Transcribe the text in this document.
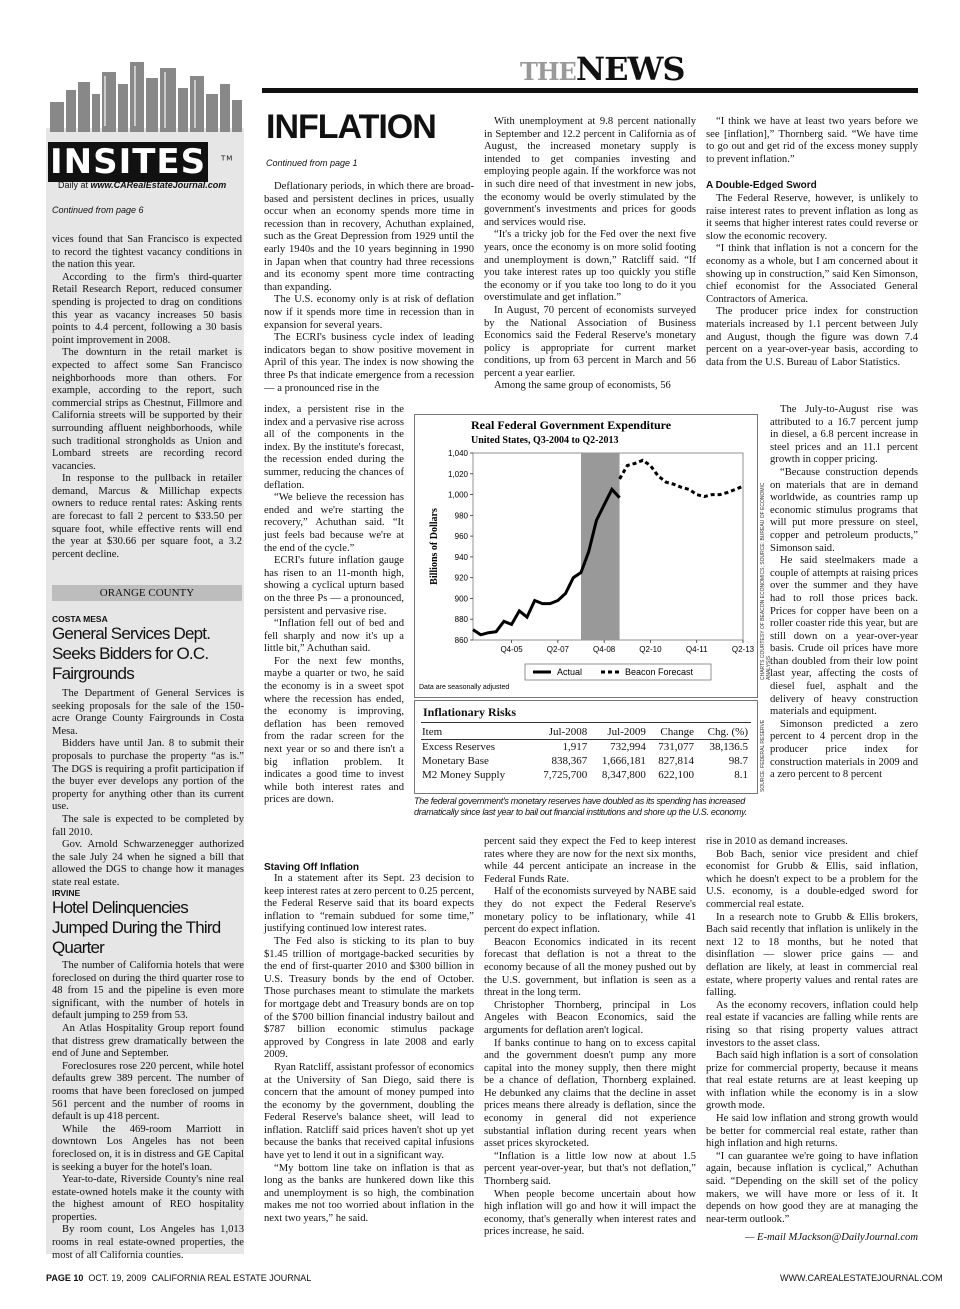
THENEWS
INSITES ™
Daily at www.CARealEstateJournal.com
Continued from page 6

vices found that San Francisco is expected to record the tightest vacancy conditions in the nation this year.

According to the firm's third-quarter Retail Research Report, reduced consumer spending is projected to drag on conditions this year as vacancy increases 50 basis points to 4.4 percent, following a 30 basis point improvement in 2008.

The downturn in the retail market is expected to affect some San Francisco neighborhoods more than others. For example, according to the report, such commercial strips as Chestnut, Fillmore and California streets will be supported by their surrounding affluent neighborhoods, while such traditional strongholds as Union and Lombard streets are recording record vacancies.

In response to the pullback in retailer demand, Marcus & Millichap expects owners to reduce rental rates: Asking rents are forecast to fall 2 percent to $33.50 per square foot, while effective rents will end the year at $30.66 per square foot, a 3.2 percent decline.

ORANGE COUNTY
COSTA MESA
General Services Dept. Seeks Bidders for O.C. Fairgrounds

The Department of General Services is seeking proposals for the sale of the 150-acre Orange County Fairgrounds in Costa Mesa.

Bidders have until Jan. 8 to submit their proposals to purchase the property “as is.” The DGS is requiring a profit participation if the buyer ever develops any portion of the property for anything other than its current use.

The sale is expected to be completed by fall 2010.

Gov. Arnold Schwarzenegger authorized the sale July 24 when he signed a bill that allowed the DGS to change how it manages state real estate.

IRVINE
Hotel Delinquencies Jumped During the Third Quarter

The number of California hotels that were foreclosed on during the third quarter rose to 48 from 15 and the pipeline is even more significant, with the number of hotels in default jumping to 259 from 53.

An Atlas Hospitality Group report found that distress grew dramatically between the end of June and September.

Foreclosures rose 220 percent, while hotel defaults grew 389 percent. The number of rooms that have been foreclosed on jumped 561 percent and the number of rooms in default is up 418 percent.

While the 469-room Marriott in downtown Los Angeles has not been foreclosed on, it is in distress and GE Capital is seeking a buyer for the hotel's loan.

Year-to-date, Riverside County's nine real estate-owned hotels make it the county with the highest amount of REO hospitality properties.

By room count, Los Angeles has 1,013 rooms in real estate-owned properties, the most of all California counties.

INFLATION
Continued from page 1

Deflationary periods, in which there are broad-based and persistent declines in prices, usually occur when an economy spends more time in recession than in recovery, Achuthan explained, such as the Great Depression from 1929 until the early 1940s and the 10 years beginning in 1990 in Japan when that country had three recessions and its economy spent more time contracting than expanding.

The U.S. economy only is at risk of deflation now if it spends more time in recession than in expansion for several years.

The ECRI's business cycle index of leading indicators began to show positive movement in April of this year. The index is now showing the three Ps that indicate emergence from a recession — a pronounced rise in the

index, a persistent rise in the index and a pervasive rise across all of the components in the index. By the institute's forecast, the recession ended during the summer, reducing the chances of deflation.

“We believe the recession has ended and we're starting the recovery,” Achuthan said. “It just feels bad because we're at the end of the cycle.”

ECRI's future inflation gauge has risen to an 11-month high, showing a cyclical upturn based on the three Ps — a pronounced, persistent and pervasive rise.

“Inflation fell out of bed and fell sharply and now it's up a little bit,” Achuthan said.

For the next few months, maybe a quarter or two, he said the economy is in a sweet spot where the recession has ended, the economy is improving, deflation has been removed from the radar screen for the next year or so and there isn't a big inflation problem. It indicates a good time to invest while both interest rates and prices are down.

Staving Off Inflation

In a statement after its Sept. 23 decision to keep interest rates at zero percent to 0.25 percent, the Federal Reserve said that its board expects inflation to “remain subdued for some time,” justifying continued low interest rates.

The Fed also is sticking to its plan to buy $1.45 trillion of mortgage-backed securities by the end of first-quarter 2010 and $300 billion in U.S. Treasury bonds by the end of October. Those purchases meant to stimulate the markets for mortgage debt and Treasury bonds are on top of the $700 billion financial industry bailout and $787 billion economic stimulus package approved by Congress in late 2008 and early 2009.

Ryan Ratcliff, assistant professor of economics at the University of San Diego, said there is concern that the amount of money pumped into the economy by the government, doubling the Federal Reserve's balance sheet, will lead to inflation. Ratcliff said prices haven't shot up yet because the banks that received capital infusions have yet to lend it out in a significant way.

“My bottom line take on inflation is that as long as the banks are hunkered down like this and unemployment is so high, the combination makes me not too worried about inflation in the next two years,” he said.

With unemployment at 9.8 percent nationally in September and 12.2 percent in California as of August, the increased monetary supply is intended to get companies investing and employing people again. If the workforce was not in such dire need of that investment in new jobs, the economy would be overly stimulated by the government's investments and prices for goods and services would rise.

“It's a tricky job for the Fed over the next five years, once the economy is on more solid footing and unemployment is down,” Ratcliff said. “If you take interest rates up too quickly you stifle the economy or if you take too long to do it you overstimulate and get inflation.”

In August, 70 percent of economists surveyed by the National Association of Business Economics said the Federal Reserve's monetary policy is appropriate for current market conditions, up from 63 percent in March and 56 percent a year earlier.

Among the same group of economists, 56

percent said they expect the Fed to keep interest rates where they are now for the next six months, while 44 percent anticipate an increase in the Federal Funds Rate.

Half of the economists surveyed by NABE said they do not expect the Federal Reserve's monetary policy to be inflationary, while 41 percent do expect inflation.

Beacon Economics indicated in its recent forecast that deflation is not a threat to the economy because of all the money pushed out by the U.S. government, but inflation is seen as a threat in the long term.

Christopher Thornberg, principal in Los Angeles with Beacon Economics, said the arguments for deflation aren't logical.

If banks continue to hang on to excess capital and the government doesn't pump any more capital into the money supply, then there might be a chance of deflation, Thornberg explained. He debunked any claims that the decline in asset prices means there already is deflation, since the economy in general did not experience substantial inflation during recent years when asset prices skyrocketed.

“Inflation is a little low now at about 1.5 percent year-over-year, but that's not deflation,” Thornberg said.

When people become uncertain about how high inflation will go and how it will impact the economy, that's generally when interest rates and prices increase, he said.

“I think we have at least two years before we see [inflation],” Thornberg said. “We have time to go out and get rid of the excess money supply to prevent inflation.”

A Double-Edged Sword

The Federal Reserve, however, is unlikely to raise interest rates to prevent inflation as long as it seems that higher interest rates could reverse or slow the economic recovery.

“I think that inflation is not a concern for the economy as a whole, but I am concerned about it showing up in construction,” said Ken Simonson, chief economist for the Associated General Contractors of America.

The producer price index for construction materials increased by 1.1 percent between July and August, though the figure was down 7.4 percent on a year-over-year basis, according to data from the U.S. Bureau of Labor Statistics.

The July-to-August rise was attributed to a 16.7 percent jump in diesel, a 6.8 percent increase in steel prices and an 11.1 percent growth in copper pricing.

“Because construction depends on materials that are in demand worldwide, as countries ramp up economic stimulus programs that will put more pressure on steel, copper and petroleum products,” Simonson said.

He said steelmakers made a couple of attempts at raising prices over the summer and they have had to roll those prices back. Prices for copper have been on a roller coaster ride this year, but are still down on a year-over-year basis. Crude oil prices have more than doubled from their low point last year, affecting the costs of diesel fuel, asphalt and the delivery of heavy construction materials and equipment.

Simonson predicted a zero percent to 4 percent drop in the producer price index for construction materials in 2009 and a zero percent to 8 percent

rise in 2010 as demand increases.

Bob Bach, senior vice president and chief economist for Grubb & Ellis, said inflation, which he doesn't expect to be a problem for the U.S. economy, is a double-edged sword for commercial real estate.

In a research note to Grubb & Ellis brokers, Bach said recently that inflation is unlikely in the next 12 to 18 months, but he noted that disinflation — slower price gains — and deflation are likely, at least in commercial real estate, where property values and rental rates are falling.

As the economy recovers, inflation could help real estate if vacancies are falling while rents are rising so that rising property values attract investors to the asset class.

Bach said high inflation is a sort of consolation prize for commercial property, because it means that real estate returns are at least keeping up with inflation while the economy is in a slow growth mode.

He said low inflation and strong growth would be better for commercial real estate, rather than high inflation and high returns.

“I can guarantee we're going to have inflation again, because inflation is cyclical,” Achuthan said. “Depending on the skill set of the policy makers, we will have more or less of it. It depends on how good they are at managing the near-term outlook.”

— E-mail MJackson@DailyJournal.com

Real Federal Government Expenditure
United States, Q3-2004 to Q2-2013
860
880
900
920
940
960
980
1,000
1,020
1,040
Q4-05	Q2-07	Q4-08	Q2-10	Q4-11	Q2-13
Billions of Dollars
Actual	Beacon Forecast
Data are seasonally adjusted
CHARTS COURTESY OF BEACON ECONOMICS; SOURCE: BUREAU OF ECONOMIC ANALYSIS
Inflationary Risks
Item	Jul-2008	Jul-2009	Change	Chg. (%)
Excess Reserves	1,917	732,994	731,077	38,136.5
Monetary Base	838,367	1,666,181	827,814	98.7
M2 Money Supply	7,725,700	8,347,800	622,100	8.1 SOURCE: FEDERAL RESERVE
The federal government's monetary reserves have doubled as its spending has increased dramatically since last year to bail out financial institutions and shore up the U.S. economy.
PAGE 10 OCT. 19, 2009 CALIFORNIA REAL ESTATE JOURNAL	WWW.CAREALESTATEJOURNAL.COM
